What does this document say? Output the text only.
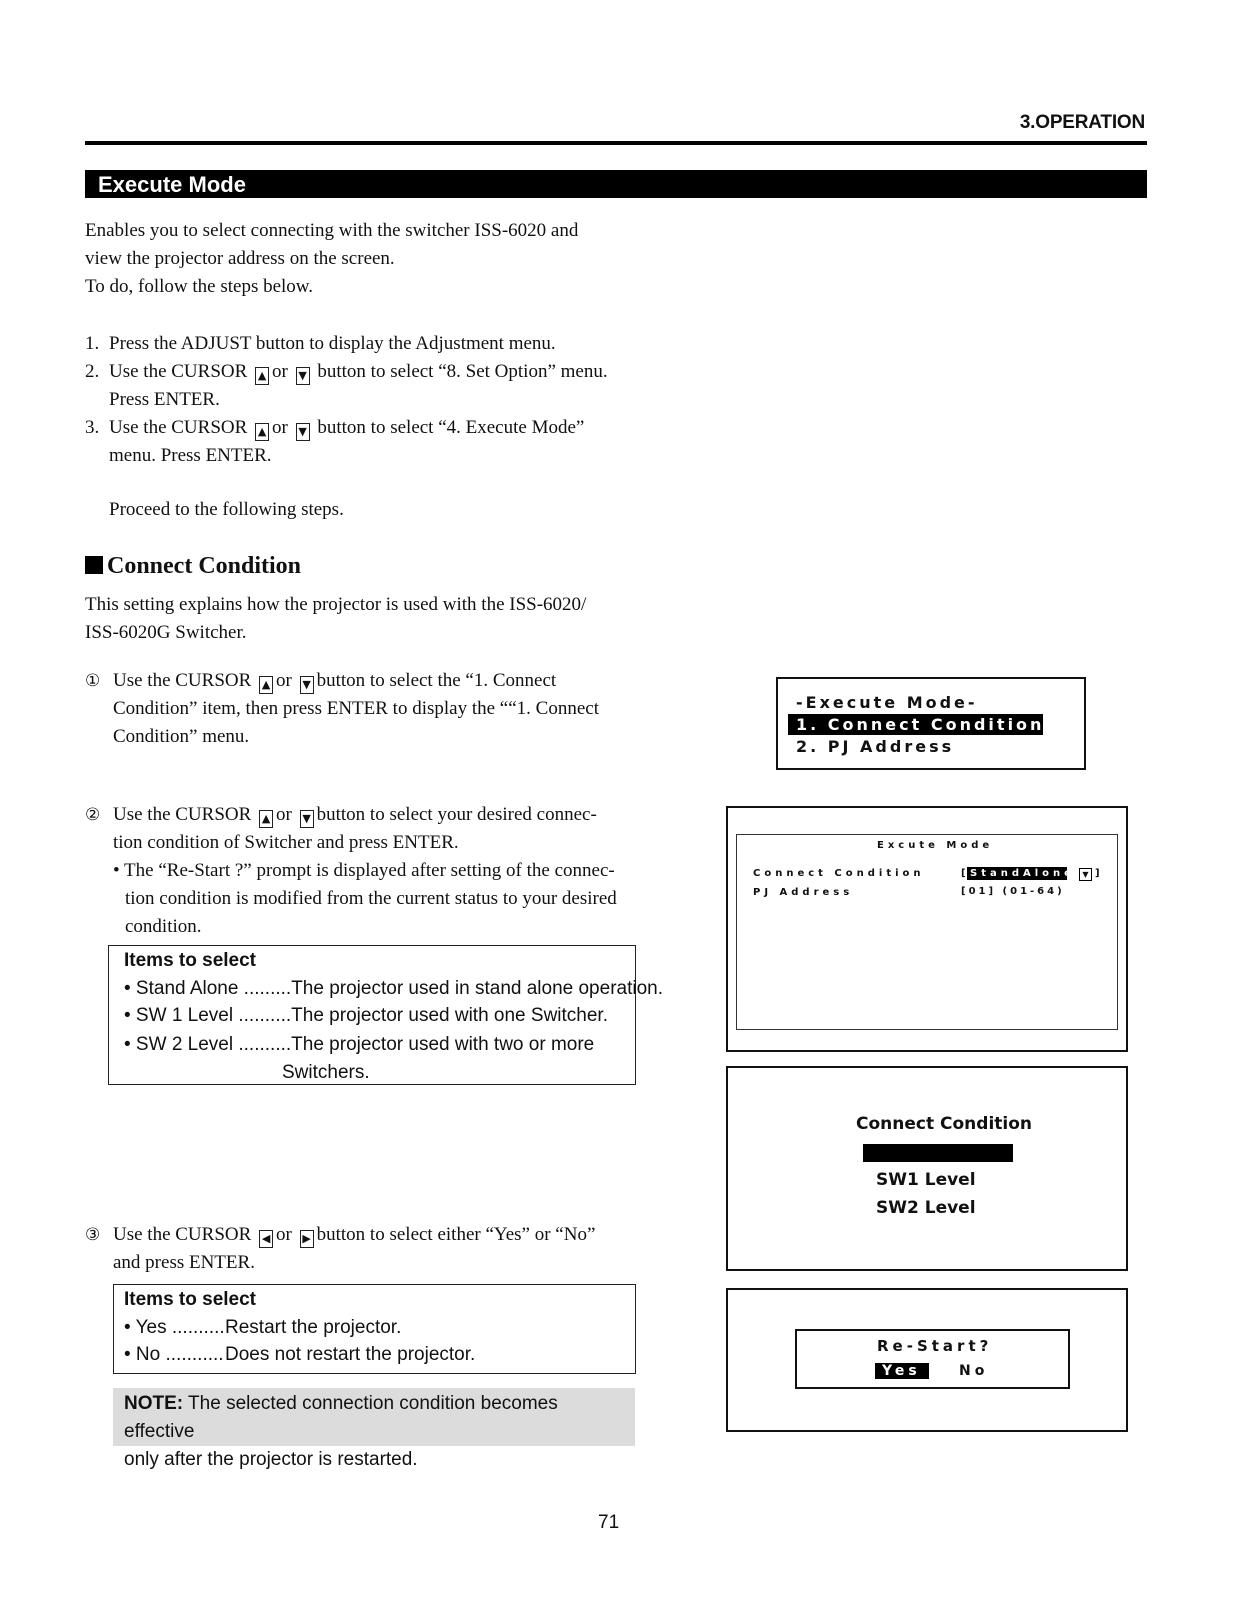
3.OPERATION
Execute Mode
Enables you to select connecting with the switcher ISS-6020 and
view the projector address on the screen.
To do, follow the steps below.
1. Press the ADJUST button to display the Adjustment menu.
2. Use the CURSOR ▲ or ▼ button to select “8. Set Option” menu.
Press ENTER.
3. Use the CURSOR ▲ or ▼ button to select “4. Execute Mode”
menu. Press ENTER.
Proceed to the following steps.
Connect Condition
This setting explains how the projector is used with the ISS-6020/
ISS-6020G Switcher.
① Use the CURSOR ▲ or ▼ button to select the “1. Connect
Condition” item, then press ENTER to display the ““1. Connect
Condition” menu.
② Use the CURSOR ▲ or ▼ button to select your desired connec-
tion condition of Switcher and press ENTER.
• The “Re-Start ?” prompt is displayed after setting of the connec-
tion condition is modified from the current status to your desired
condition.
Items to select
• Stand Alone .........The projector used in stand alone operation.
• SW 1 Level ..........The projector used with one Switcher.
• SW 2 Level ..........The projector used with two or more
Switchers.
③ Use the CURSOR ◀ or ▶ button to select either “Yes” or “No”
and press ENTER.
Items to select
• Yes ..........Restart the projector.
• No ...........Does not restart the projector.
NOTE: The selected connection condition becomes effective
only after the projector is restarted.
-Execute Mode-
1. Connect Condition
2. PJ Address
Excute Mode
Connect Condition
PJ Address
[ StandAlone ▼ ]
[01] (01-64)
Connect Condition
SW1 Level
SW2 Level
Re-Start?
Yes	No
71
